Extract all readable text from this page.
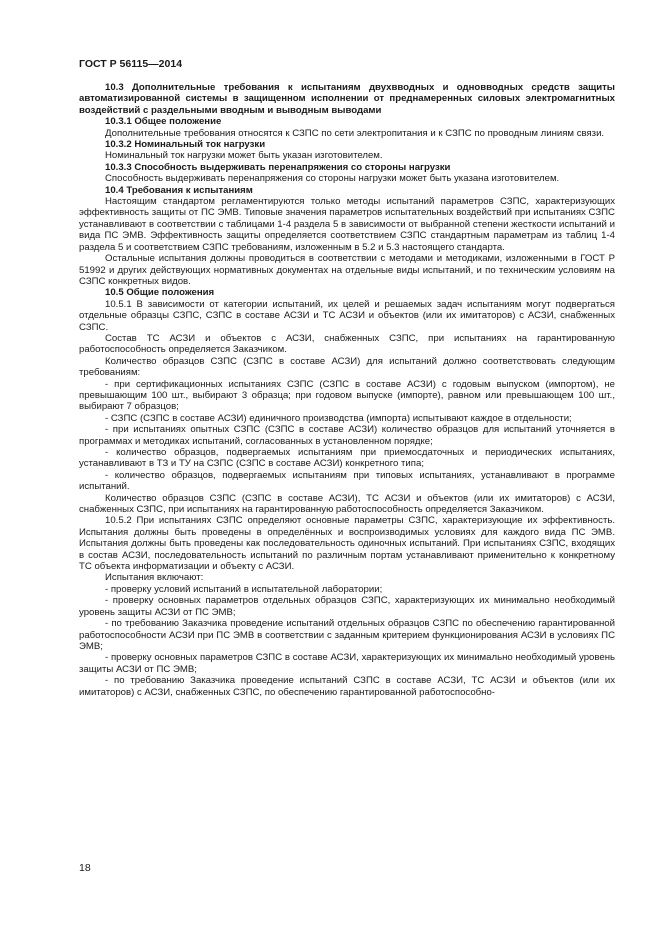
ГОСТ Р 56115—2014

10.3 Дополнительные требования к испытаниям двухвводных и одновводных средств защиты автоматизированной системы в защищенном исполнении от преднамеренных силовых электромагнитных воздействий с раздельными вводным и выводным выводами

10.3.1 Общее положение

Дополнительные требования относятся к СЗПС по сети электропитания и к СЗПС по проводным линиям связи.

10.3.2 Номинальный ток нагрузки

Номинальный ток нагрузки может быть указан изготовителем.

10.3.3 Способность выдерживать перенапряжения со стороны нагрузки

Способность выдерживать перенапряжения со стороны нагрузки может быть указана изготовителем.

10.4 Требования к испытаниям

Настоящим стандартом регламентируются только методы испытаний параметров СЗПС, характеризующих эффективность защиты от ПС ЭМВ. Типовые значения параметров испытательных воздействий при испытаниях СЗПС устанавливают в соответствии с таблицами 1-4 раздела 5 в зависимости от выбранной степени жесткости испытаний и вида ПС ЭМВ. Эффективность защиты определяется соответствием СЗПС стандартным параметрам из таблиц 1-4 раздела 5 и соответствием СЗПС требованиям, изложенным в 5.2 и 5.3 настоящего стандарта.

Остальные испытания должны проводиться в соответствии с методами и методиками, изложенными в ГОСТ Р 51992 и других действующих нормативных документах на отдельные виды испытаний, и по техническим условиям на СЗПС конкретных видов.

10.5 Общие положения

10.5.1 В зависимости от категории испытаний, их целей и решаемых задач испытаниям могут подвергаться отдельные образцы СЗПС, СЗПС в составе АСЗИ и ТС АСЗИ и объектов (или их имитаторов) с АСЗИ, снабженных СЗПС.

Состав ТС АСЗИ и объектов с АСЗИ, снабженных СЗПС, при испытаниях на гарантированную работоспособность определяется Заказчиком.

Количество образцов СЗПС (СЗПС в составе АСЗИ) для испытаний должно соответствовать следующим требованиям:

- при сертификационных испытаниях СЗПС (СЗПС в составе АСЗИ) с годовым выпуском (импортом), не превышающим 100 шт., выбирают 3 образца; при годовом выпуске (импорте), равном или превышающем 100 шт., выбирают 7 образцов;

- СЗПС (СЗПС в составе АСЗИ) единичного производства (импорта) испытывают каждое в отдельности;

- при испытаниях опытных СЗПС (СЗПС в составе АСЗИ) количество образцов для испытаний уточняется в программах и методиках испытаний, согласованных в установленном порядке;

- количество образцов, подвергаемых испытаниям при приемосдаточных и периодических испытаниях, устанавливают в ТЗ и ТУ на СЗПС (СЗПС в составе АСЗИ) конкретного типа;

- количество образцов, подвергаемых испытаниям при типовых испытаниях, устанавливают в программе испытаний.

Количество образцов СЗПС (СЗПС в составе АСЗИ), ТС АСЗИ и объектов (или их имитаторов) с АСЗИ, снабженных СЗПС, при испытаниях на гарантированную работоспособность определяется Заказчиком.

10.5.2 При испытаниях СЗПС определяют основные параметры СЗПС, характеризующие их эффективность. Испытания должны быть проведены в определённых и воспроизводимых условиях для каждого вида ПС ЭМВ. Испытания должны быть проведены как последовательность одиночных испытаний. При испытаниях СЗПС, входящих в состав АСЗИ, последовательность испытаний по различным портам устанавливают применительно к конкретному ТС объекта информатизации и объекту с АСЗИ.

Испытания включают:

- проверку условий испытаний в испытательной лаборатории;

- проверку основных параметров отдельных образцов СЗПС, характеризующих их минимально необходимый уровень защиты АСЗИ от ПС ЭМВ;

- по требованию Заказчика проведение испытаний отдельных образцов СЗПС по обеспечению гарантированной работоспособности АСЗИ при ПС ЭМВ в соответствии с заданным критерием функционирования АСЗИ в условиях ПС ЭМВ;

- проверку основных параметров СЗПС в составе АСЗИ, характеризующих их минимально необходимый уровень защиты АСЗИ от ПС ЭМВ;

- по требованию Заказчика проведение испытаний СЗПС в составе АСЗИ, ТС АСЗИ и объектов (или их имитаторов) с АСЗИ, снабженных СЗПС, по обеспечению гарантированной работоспособно-

18
